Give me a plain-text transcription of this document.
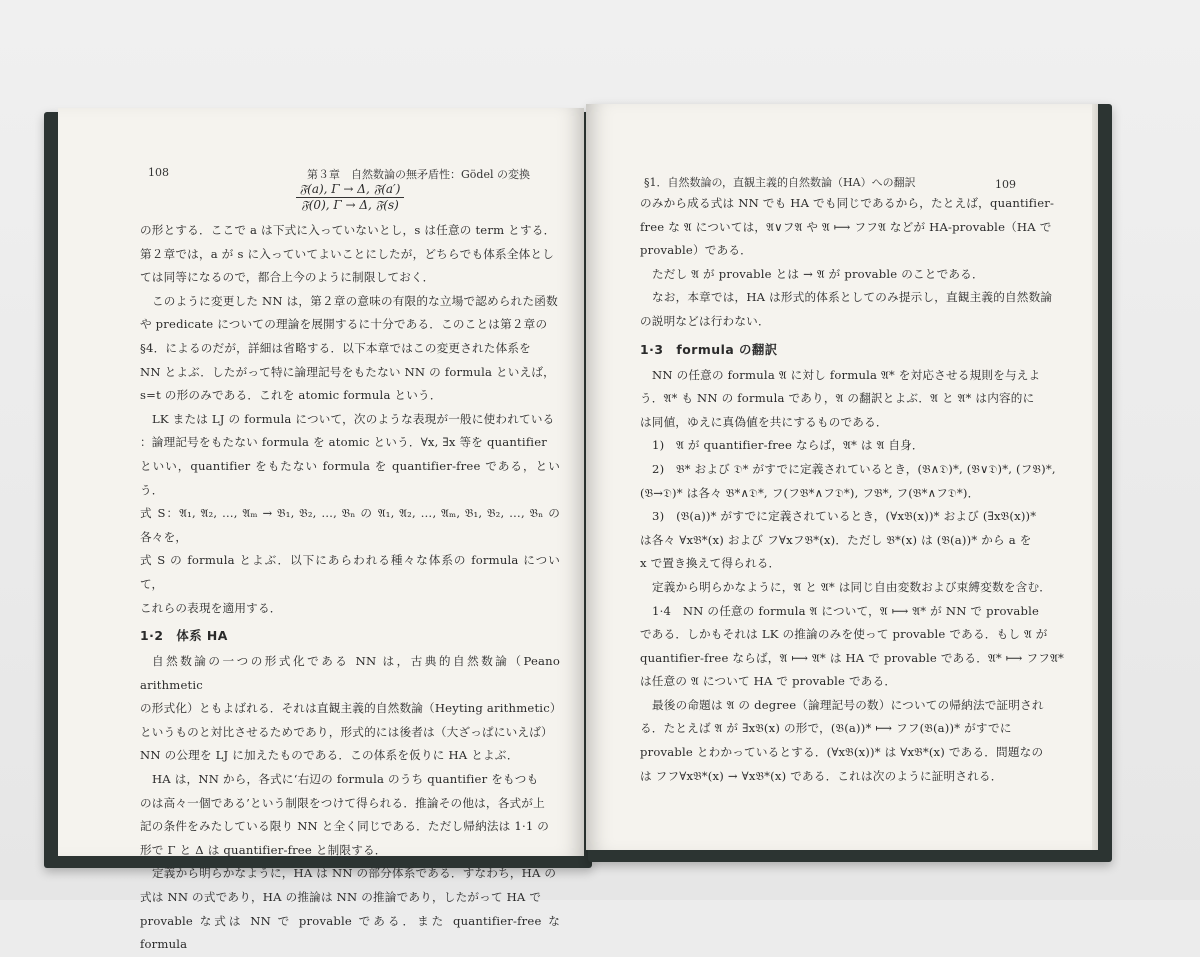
108	第３章　自然数論の無矛盾性：Gödel の変換
$\frac{\text{𝔉(a), Γ → Δ, 𝔉(a′)}}{\text{𝔉(0), Γ → Δ, 𝔉(s)}}$

の形とする．ここで a は下式に入っていないとし，s は任意の term とする．

第２章では，a が s に入っていてよいことにしたが，どちらでも体系全体とし

ては同等になるので，都合上今のように制限しておく．

このように変更した NN は，第２章の意味の有限的な立場で認められた函数

や predicate についての理論を展開するに十分である．このことは第２章の

§4．によるのだが，詳細は省略する．以下本章ではこの変更された体系を

NN とよぶ．したがって特に論理記号をもたない NN の formula といえば，

s=t の形のみである．これを atomic formula という．

LK または LJ の formula について，次のような表現が一般に使われている

：論理記号をもたない formula を atomic という．∀x, ∃x 等を quantifier

といい，quantifier をもたない formula を quantifier-free である，という．

式 S：𝔄₁, 𝔄₂, …, 𝔄ₘ → 𝔅₁, 𝔅₂, …, 𝔅ₙ の 𝔄₁, 𝔄₂, …, 𝔄ₘ, 𝔅₁, 𝔅₂, …, 𝔅ₙ の各々を，

式 S の formula とよぶ．以下にあらわれる種々な体系の formula について，

これらの表現を適用する．

1·2　体系 HA

自然数論の一つの形式化である NN は，古典的自然数論（Peano arithmetic

の形式化）ともよばれる．それは直観主義的自然数論（Heyting arithmetic）

というものと対比させるためであり，形式的には後者は（大ざっぱにいえば）

NN の公理を LJ に加えたものである．この体系を仮りに HA とよぶ．

HA は，NN から，各式に‘右辺の formula のうち quantifier をもつも

のは高々一個である’という制限をつけて得られる．推論その他は，各式が上

記の条件をみたしている限り NN と全く同じである．ただし帰納法は 1·1 の

形で Γ と Δ は quantifier-free と制限する．

定義から明らかなように，HA は NN の部分体系である．すなわち，HA の

式は NN の式であり，HA の推論は NN の推論であり，したがって HA で

provable な式は NN で provable である．また quantifier-free な formula

§1．自然数論の，直観主義的自然数論（HA）への翻訳	109

のみから成る式は NN でも HA でも同じであるから，たとえば，quantifier-

free な 𝔄 については，𝔄∨フ𝔄 や 𝔄 ⟼ フフ𝔄 などが HA-provable（HA で

provable）である．

ただし 𝔄 が provable とは → 𝔄 が provable のことである．

なお，本章では，HA は形式的体系としてのみ提示し，直観主義的自然数論

の説明などは行わない．

1·3　formula の翻訳

NN の任意の formula 𝔄 に対し formula 𝔄* を対応させる規則を与えよ

う．𝔄* も NN の formula であり，𝔄 の翻訳とよぶ．𝔄 と 𝔄* は内容的に

は同値，ゆえに真偽値を共にするものである．

1)　𝔄 が quantifier-free ならば，𝔄* は 𝔄 自身．

2)　𝔅* および 𝔇* がすでに定義されているとき，(𝔅∧𝔇)*, (𝔅∨𝔇)*, (フ𝔅)*,

(𝔅→𝔇)* は各々 𝔅*∧𝔇*, フ(フ𝔅*∧フ𝔇*), フ𝔅*, フ(𝔅*∧フ𝔇*)．

3)　(𝔅(a))* がすでに定義されているとき，(∀x𝔅(x))* および (∃x𝔅(x))*

は各々 ∀x𝔅*(x) および フ∀xフ𝔅*(x)．ただし 𝔅*(x) は (𝔅(a))* から a を

x で置き換えて得られる．

定義から明らかなように，𝔄 と 𝔄* は同じ自由変数および束縛変数を含む．

1·4　NN の任意の formula 𝔄 について，𝔄 ⟼ 𝔄* が NN で provable

である．しかもそれは LK の推論のみを使って provable である．もし 𝔄 が

quantifier-free ならば，𝔄 ⟼ 𝔄* は HA で provable である．𝔄* ⟼ フフ𝔄*

は任意の 𝔄 について HA で provable である．

最後の命題は 𝔄 の degree（論理記号の数）についての帰納法で証明され

る．たとえば 𝔄 が ∃x𝔅(x) の形で，(𝔅(a))* ⟼ フフ(𝔅(a))* がすでに

provable とわかっているとする．(∀x𝔅(x))* は ∀x𝔅*(x) である．問題なの

は フフ∀x𝔅*(x) → ∀x𝔅*(x) である．これは次のように証明される．
